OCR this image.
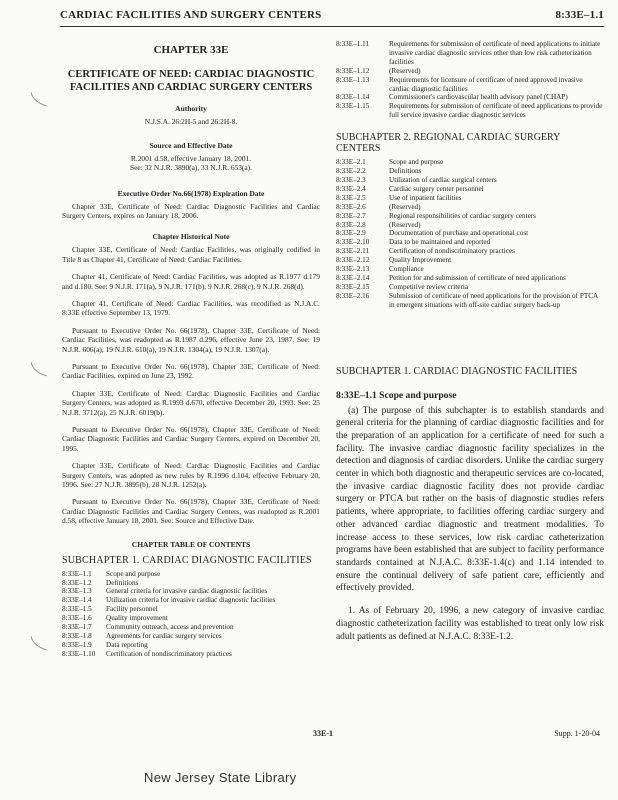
CARDIAC FACILITIES AND SURGERY CENTERS	8:33E–1.1
CHAPTER 33E
CERTIFICATE OF NEED: CARDIAC DIAGNOSTIC FACILITIES AND CARDIAC SURGERY CENTERS
Authority
N.J.S.A. 26:2H-5 and 26:2H-8.
Source and Effective Date
R.2001 d.58, effective January 18, 2001.
See: 32 N.J.R. 3890(a), 33 N.J.R. 653(a).
Executive Order No.66(1978) Expiration Date

Chapter 33E, Certificate of Need: Cardiac Diagnostic Facilities and Cardiac Surgery Centers, expires on January 18, 2006.

Chapter Historical Note

Chapter 33E, Certificate of Need: Cardiac Facilities, was originally codified in Title 8 as Chapter 41, Certificate of Need: Cardiac Facilities.

Chapter 41, Certificate of Need: Cardiac Facilities, was adopted as R.1977 d.179 and d.180. See: 9 N.J.R. 171(a), 9 N.J.R. 171(b), 9 N.J.R. 268(c), 9 N.J.R. 268(d).

Chapter 41, Certificate of Need: Cardiac Facilities, was recodified as N.J.A.C. 8:33E effective September 13, 1979.

Pursuant to Executive Order No. 66(1978), Chapter 33E, Certificate of Need: Cardiac Facilities, was readopted as R.1987 d.296, effective June 23, 1987. See: 19 N.J.R. 606(a), 19 N.J.R. 610(a), 19 N.J.R. 1304(a), 19 N.J.R. 1307(a).

Pursuant to Executive Order No. 66(1978), Chapter 33E, Certificate of Need: Cardiac Facilities, expired on June 23, 1992.

Chapter 33E, Certificate of Need: Cardiac Diagnostic Facilities and Cardiac Surgery Centers, was adopted as R.1993 d.670, effective December 20, 1993. See: 25 N.J.R. 3712(a), 25 N.J.R. 6019(b).

Pursuant to Executive Order No. 66(1978), Chapter 33E, Certificate of Need: Cardiac Diagnostic Facilities and Cardiac Surgery Centers, expired on December 20, 1995.

Chapter 33E, Certificate of Need: Cardiac Diagnostic Facilities and Cardiac Surgery Centers, was adopted as new rules by R.1996 d.104, effective February 20, 1996. See: 27 N.J.R. 3895(b), 28 N.J.R. 1252(a).

Pursuant to Executive Order No. 66(1978), Chapter 33E, Certificate of Need: Cardiac Diagnostic Facilities and Cardiac Surgery Centers, was readopted as R.2001 d.58, effective January 18, 2001. See: Source and Effective Date.

CHAPTER TABLE OF CONTENTS
SUBCHAPTER 1. CARDIAC DIAGNOSTIC FACILITIES
8:33E–1.1	Scope and purpose
8:33E–1.2	Definitions
8:33E–1.3	General criteria for invasive cardiac diagnostic facilities
8:33E–1.4	Utilization criteria for invasive cardiac diagnostic facilities
8:33E–1.5	Facility personnel
8:33E–1.6	Quality improvement
8:33E–1.7	Community outreach, access and prevention
8:33E–1.8	Agreements for cardiac surgery services
8:33E–1.9	Data reporting
8:33E–1.10	Certification of nondiscriminatory practices
8:33E–1.11	Requirements for submission of certificate of need applications to initiate invasive cardiac diagnostic services other than low risk catheterization facilities
8:33E–1.12	(Reserved)
8:33E–1.13	Requirements for licensure of certificate of need approved invasive cardiac diagnostic facilities
8:33E–1.14	Commissioner's cardiovascular health advisory panel (CHAP)
8:33E–1.15	Requirements for submission of certificate of need applications to provide full service invasive cardiac diagnostic services
SUBCHAPTER 2. REGIONAL CARDIAC SURGERY CENTERS
8:33E–2.1	Scope and purpose
8:33E–2.2	Definitions
8:33E–2.3	Utilization of cardiac surgical centers
8:33E–2.4	Cardiac surgery center personnel
8:33E–2.5	Use of inpatient facilities
8:33E–2.6	(Reserved)
8:33E–2.7	Regional responsibilities of cardiac surgery centers
8:33E–2.8	(Reserved)
8:33E–2.9	Documentation of purchase and operational cost
8:33E–2.10	Data to be maintained and reported
8:33E–2.11	Certification of nondiscriminatory practices
8:33E–2.12	Quality Improvement
8:33E–2.13	Compliance
8:33E–2.14	Petition for and submission of certificate of need applications
8:33E–2.15	Competitive review criteria
8:33E–2.16	Submission of certificate of need applications for the provision of PTCA in emergent situations with off-site cardiac surgery back-up
SUBCHAPTER 1. CARDIAC DIAGNOSTIC FACILITIES
8:33E–1.1 Scope and purpose

(a) The purpose of this subchapter is to establish standards and general criteria for the planning of cardiac diagnostic facilities and for the preparation of an application for a certificate of need for such a facility. The invasive cardiac diagnostic facility specializes in the detection and diagnosis of cardiac disorders. Unlike the cardiac surgery center in which both diagnostic and therapeutic services are co-located, the invasive cardiac diagnostic facility does not provide cardiac surgery or PTCA but rather on the basis of diagnostic studies refers patients, where appropriate, to facilities offering cardiac surgery and other advanced cardiac diagnostic and treatment modalities. To increase access to these services, low risk cardiac catheterization programs have been established that are subject to facility performance standards contained at N.J.A.C. 8:33E-1.4(c) and 1.14 intended to ensure the continual delivery of safe patient care, efficiently and effectively provided.

1. As of February 20, 1996, a new category of invasive cardiac diagnostic catheterization facility was established to treat only low risk adult patients as defined at N.J.A.C. 8:33E-1.2.

33E-1	Supp. 1-20-04
New Jersey State Library
